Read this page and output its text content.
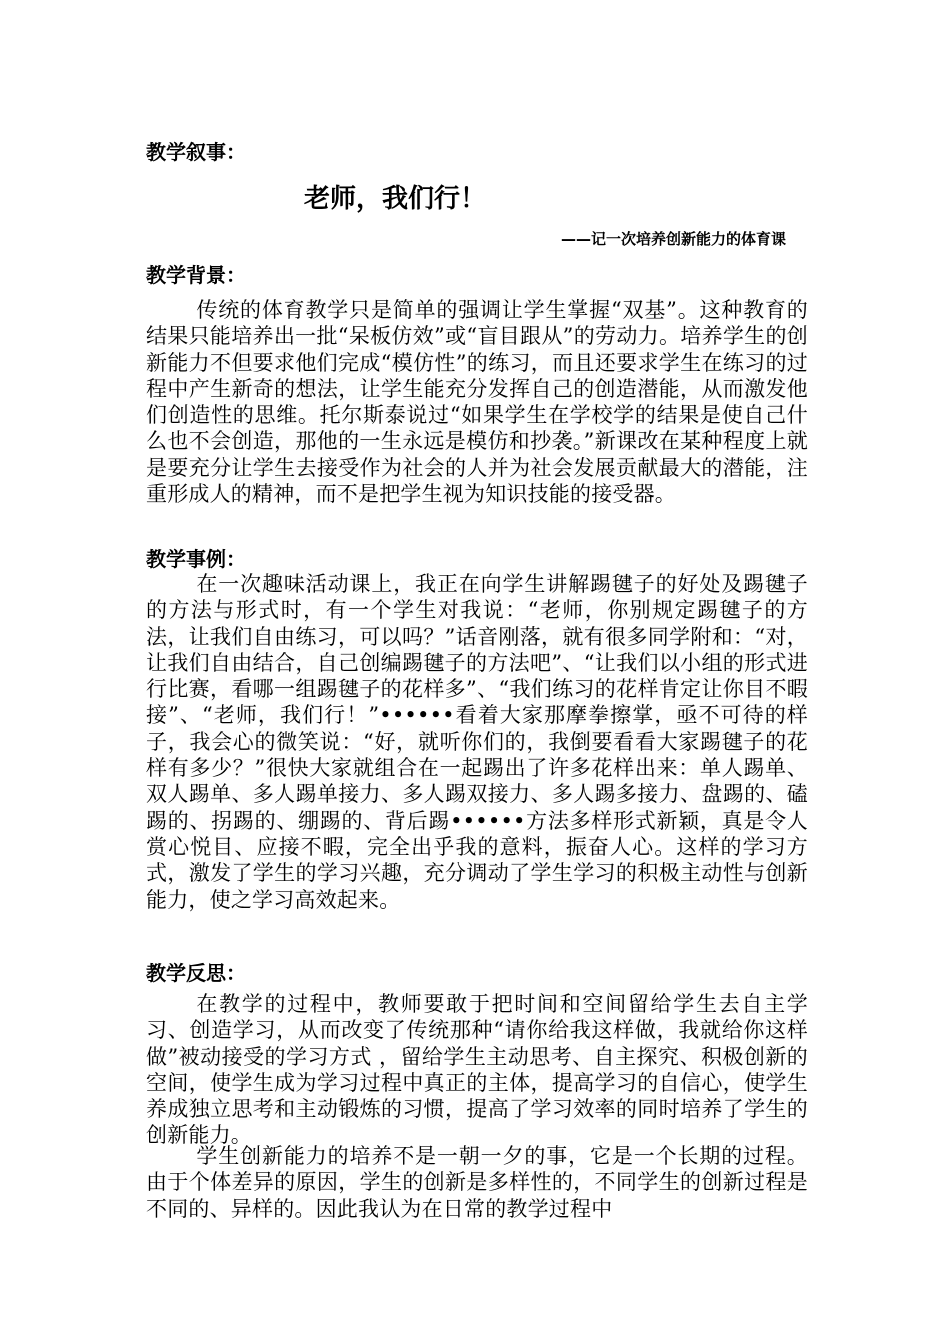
教学叙事：
老师，我们行！
——记一次培养创新能力的体育课
教学背景：

传统的体育教学只是简单的强调让学生掌握“双基”。这种教育的结果只能培养出一批“呆板仿效”或“盲目跟从”的劳动力。培养学生的创新能力不但要求他们完成“模仿性”的练习，而且还要求学生在练习的过程中产生新奇的想法，让学生能充分发挥自己的创造潜能，从而激发他们创造性的思维。托尔斯泰说过“如果学生在学校学的结果是使自己什么也不会创造，那他的一生永远是模仿和抄袭。”新课改在某种程度上就是要充分让学生去接受作为社会的人并为社会发展贡献最大的潜能，注重形成人的精神，而不是把学生视为知识技能的接受器。

教学事例：

在一次趣味活动课上，我正在向学生讲解踢毽子的好处及踢毽子的方法与形式时，有一个学生对我说：“老师，你别规定踢毽子的方法，让我们自由练习，可以吗？”话音刚落，就有很多同学附和：“对，让我们自由结合，自己创编踢毽子的方法吧”、“让我们以小组的形式进行比赛，看哪一组踢毽子的花样多”、“我们练习的花样肯定让你目不暇接”、“老师，我们行！”••••••看着大家那摩拳擦掌，亟不可待的样子，我会心的微笑说：“好，就听你们的，我倒要看看大家踢毽子的花样有多少？”很快大家就组合在一起踢出了许多花样出来：单人踢单、双人踢单、多人踢单接力、多人踢双接力、多人踢多接力、盘踢的、磕踢的、拐踢的、绷踢的、背后踢••••••方法多样形式新颖，真是令人赏心悦目、应接不暇，完全出乎我的意料，振奋人心。这样的学习方式，激发了学生的学习兴趣，充分调动了学生学习的积极主动性与创新能力，使之学习高效起来。

教学反思：

在教学的过程中，教师要敢于把时间和空间留给学生去自主学习、创造学习，从而改变了传统那种“请你给我这样做，我就给你这样做”被动接受的学习方式 ，留给学生主动思考、自主探究、积极创新的空间，使学生成为学习过程中真正的主体，提高学习的自信心，使学生养成独立思考和主动锻炼的习惯，提高了学习效率的同时培养了学生的创新能力。

学生创新能力的培养不是一朝一夕的事，它是一个长期的过程。由于个体差异的原因，学生的创新是多样性的，不同学生的创新过程是不同的、异样的。因此我认为在日常的教学过程中
